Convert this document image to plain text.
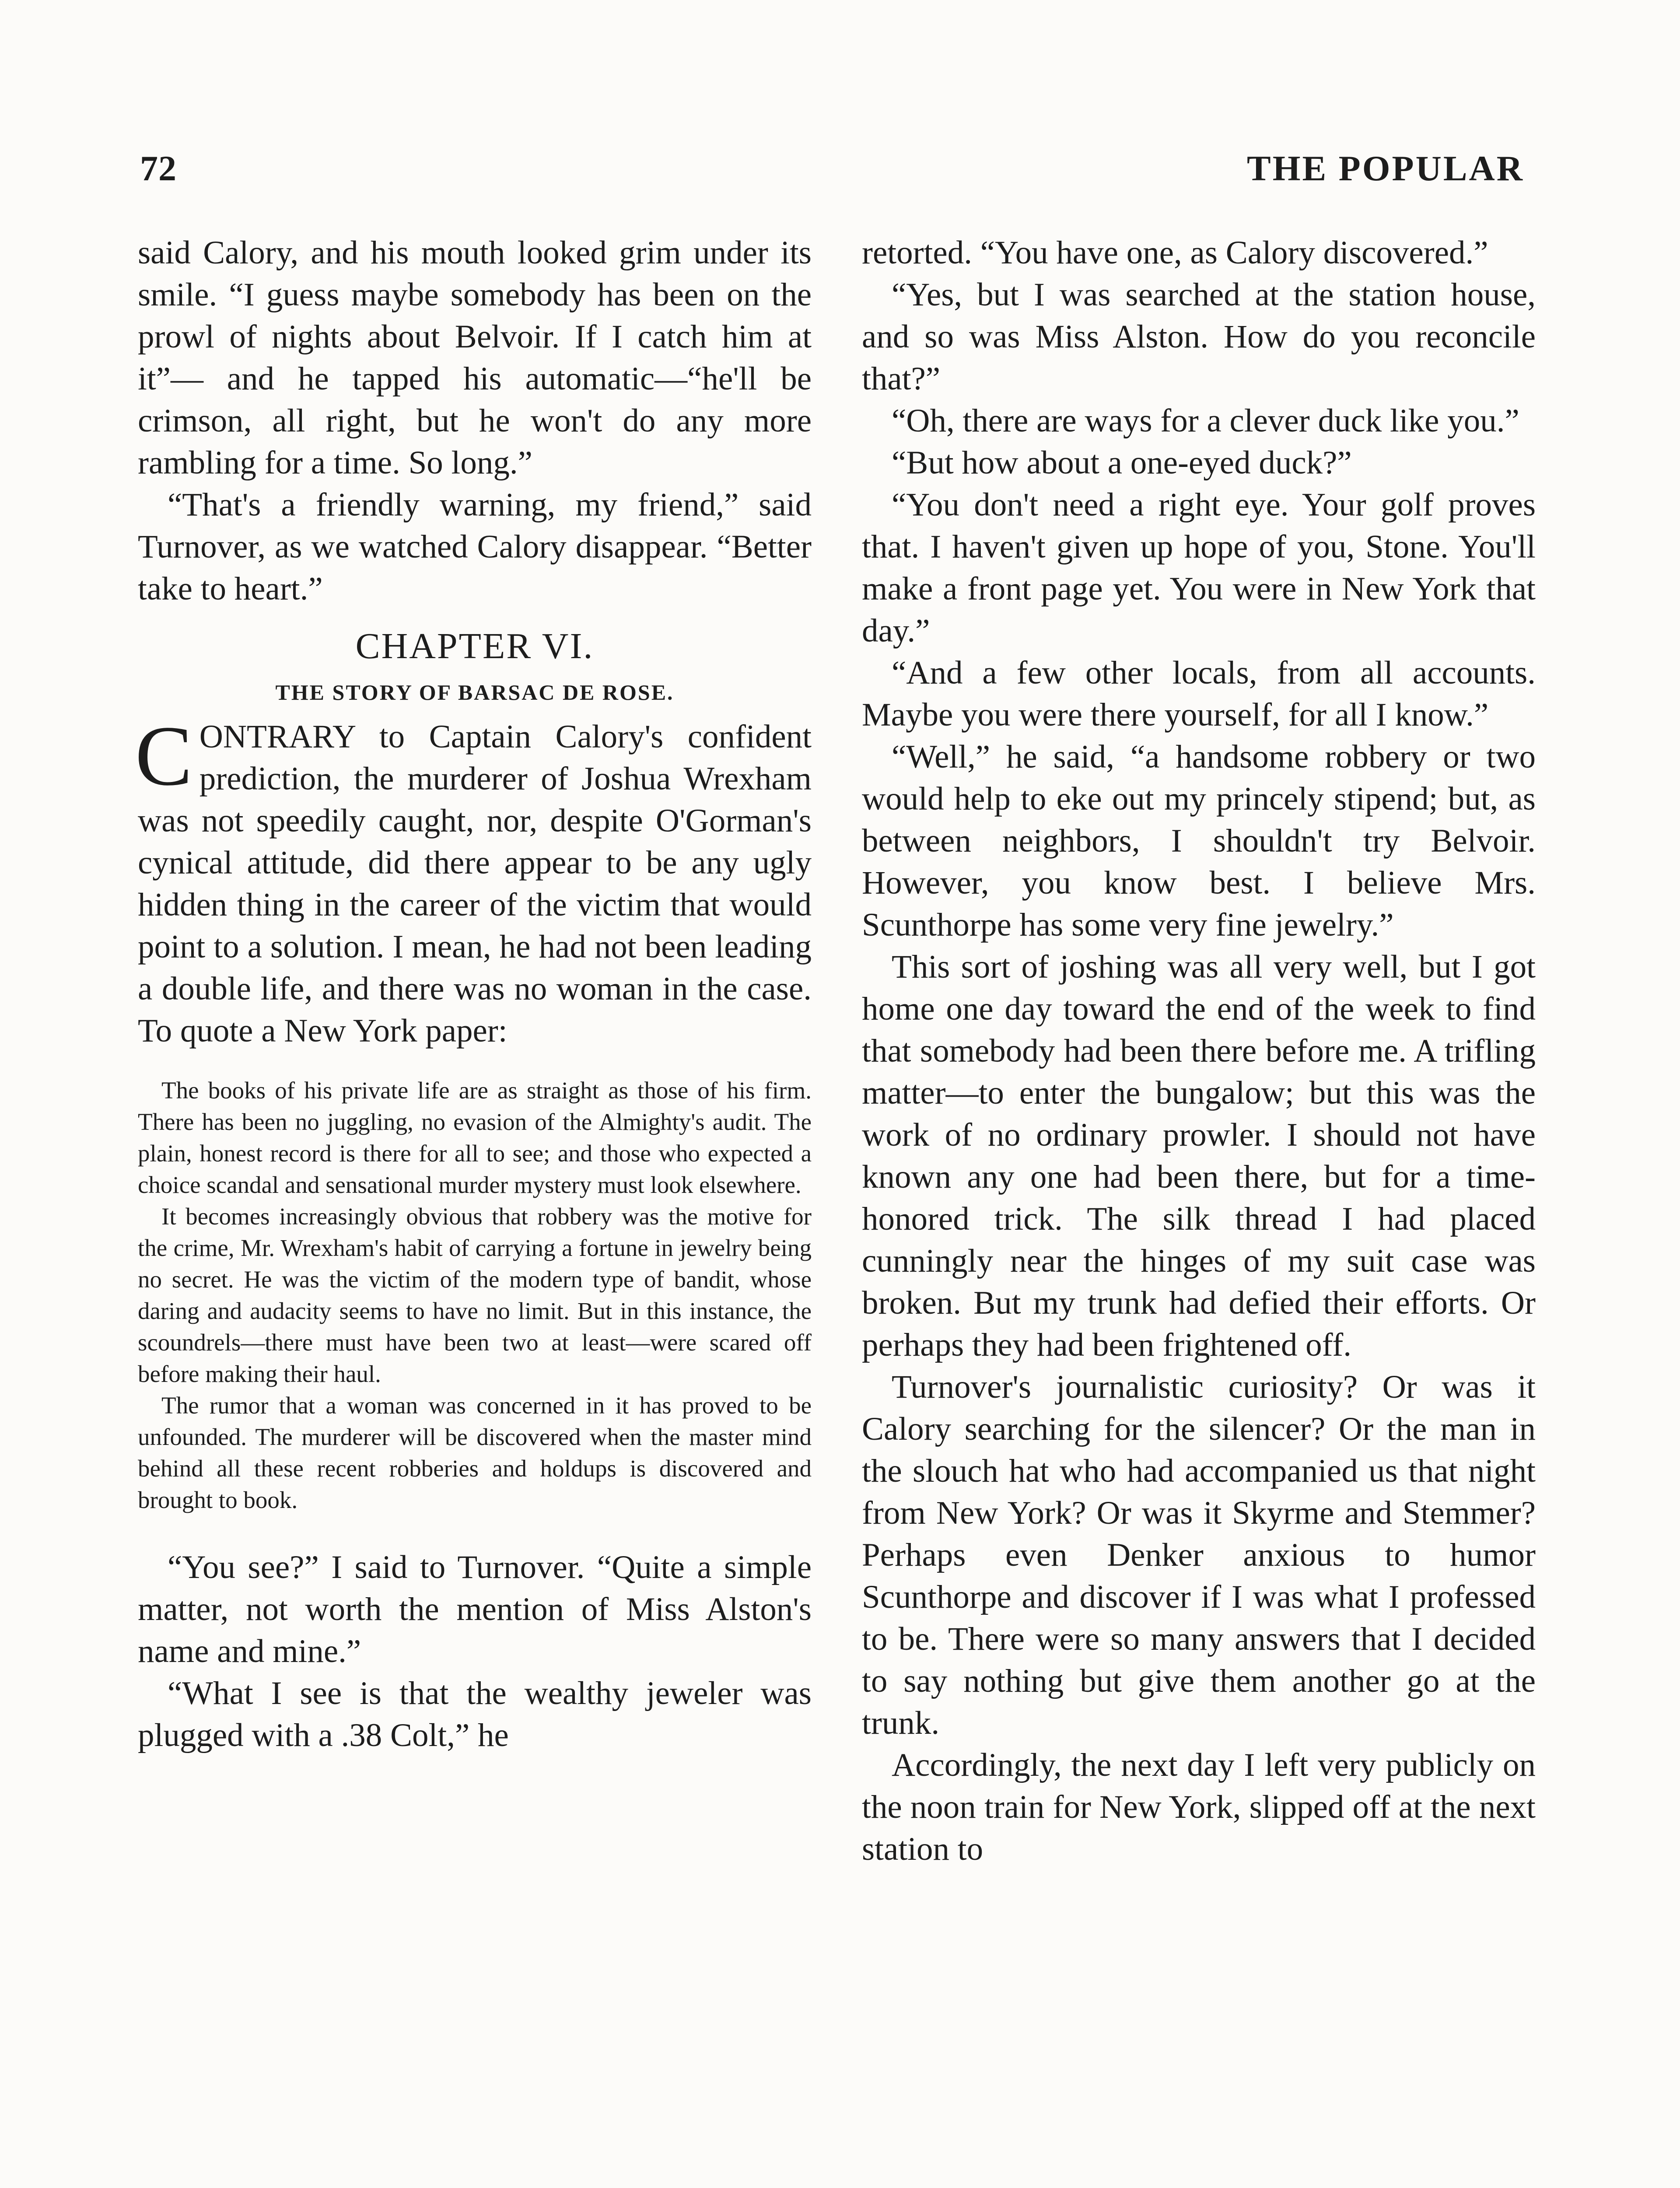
72	THE POPULAR

said Calory, and his mouth looked grim under its smile. “I guess maybe somebody has been on the prowl of nights about Belvoir. If I catch him at it”— and he tapped his automatic—“he'll be crimson, all right, but he won't do any more rambling for a time. So long.”

“That's a friendly warning, my friend,” said Turnover, as we watched Calory disappear. “Better take to heart.”

CHAPTER VI.
THE STORY OF BARSAC DE ROSE.

CONTRARY to Captain Calory's confident prediction, the murderer of Joshua Wrexham was not speedily caught, nor, despite O'Gorman's cynical attitude, did there appear to be any ugly hidden thing in the career of the victim that would point to a solution. I mean, he had not been leading a double life, and there was no woman in the case. To quote a New York paper:

The books of his private life are as straight as those of his firm. There has been no juggling, no evasion of the Almighty's audit. The plain, honest record is there for all to see; and those who expected a choice scandal and sensational murder mystery must look elsewhere.

It becomes increasingly obvious that robbery was the motive for the crime, Mr. Wrexham's habit of carrying a fortune in jewelry being no secret. He was the victim of the modern type of bandit, whose daring and audacity seems to have no limit. But in this instance, the scoundrels—there must have been two at least—were scared off before making their haul.

The rumor that a woman was concerned in it has proved to be unfounded. The murderer will be discovered when the master mind behind all these recent robberies and holdups is discovered and brought to book.

“You see?” I said to Turnover. “Quite a simple matter, not worth the mention of Miss Alston's name and mine.”

“What I see is that the wealthy jeweler was plugged with a .38 Colt,” he

retorted. “You have one, as Calory discovered.”

“Yes, but I was searched at the station house, and so was Miss Alston. How do you reconcile that?”

“Oh, there are ways for a clever duck like you.”

“But how about a one-eyed duck?”

“You don't need a right eye. Your golf proves that. I haven't given up hope of you, Stone. You'll make a front page yet. You were in New York that day.”

“And a few other locals, from all accounts. Maybe you were there yourself, for all I know.”

“Well,” he said, “a handsome robbery or two would help to eke out my princely stipend; but, as between neighbors, I shouldn't try Belvoir. However, you know best. I believe Mrs. Scunthorpe has some very fine jewelry.”

This sort of joshing was all very well, but I got home one day toward the end of the week to find that somebody had been there before me. A trifling matter—to enter the bungalow; but this was the work of no ordinary prowler. I should not have known any one had been there, but for a timehonored trick. The silk thread I had placed cunningly near the hinges of my suit case was broken. But my trunk had defied their efforts. Or perhaps they had been frightened off.

Turnover's journalistic curiosity? Or was it Calory searching for the silencer? Or the man in the slouch hat who had accompanied us that night from New York? Or was it Skyrme and Stemmer? Perhaps even Denker anxious to humor Scunthorpe and discover if I was what I professed to be. There were so many answers that I decided to say nothing but give them another go at the trunk.

Accordingly, the next day I left very publicly on the noon train for New York, slipped off at the next station to
